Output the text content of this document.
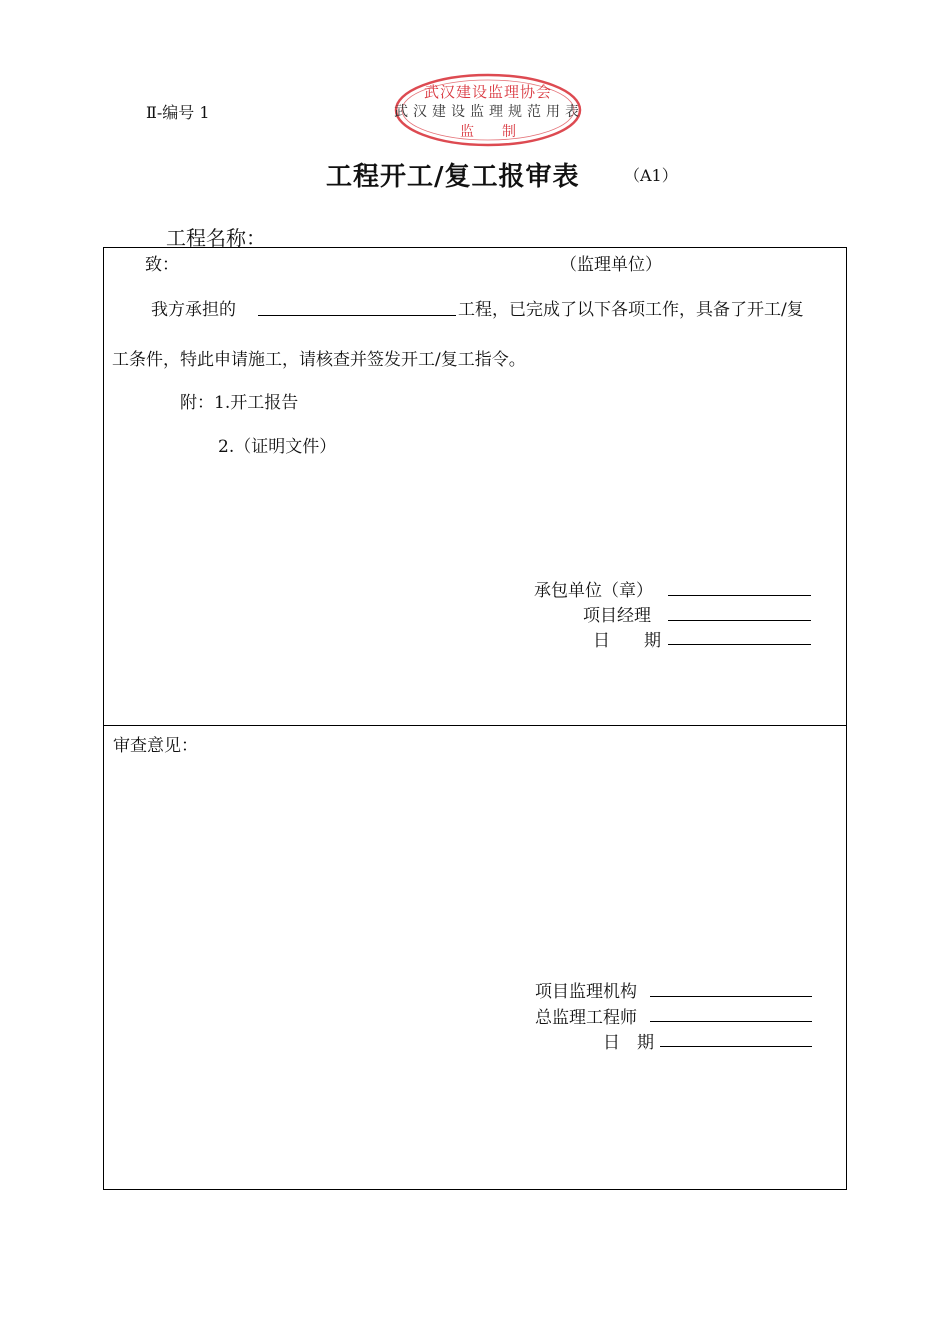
Ⅱ-编号 1
武汉建设监理协会
监　　制
武汉建设监理规范用表
工程开工/复工报审表	（A1）
工程名称：
致：	（监理单位）
我方承担的	工程，已完成了以下各项工作，具备了开工/复
工条件，特此申请施工，请核查并签发开工/复工指令。
附：1.开工报告
2.（证明文件）
承包单位（章）
项目经理
日　　期
审查意见：
项目监理机构
总监理工程师
日　期
